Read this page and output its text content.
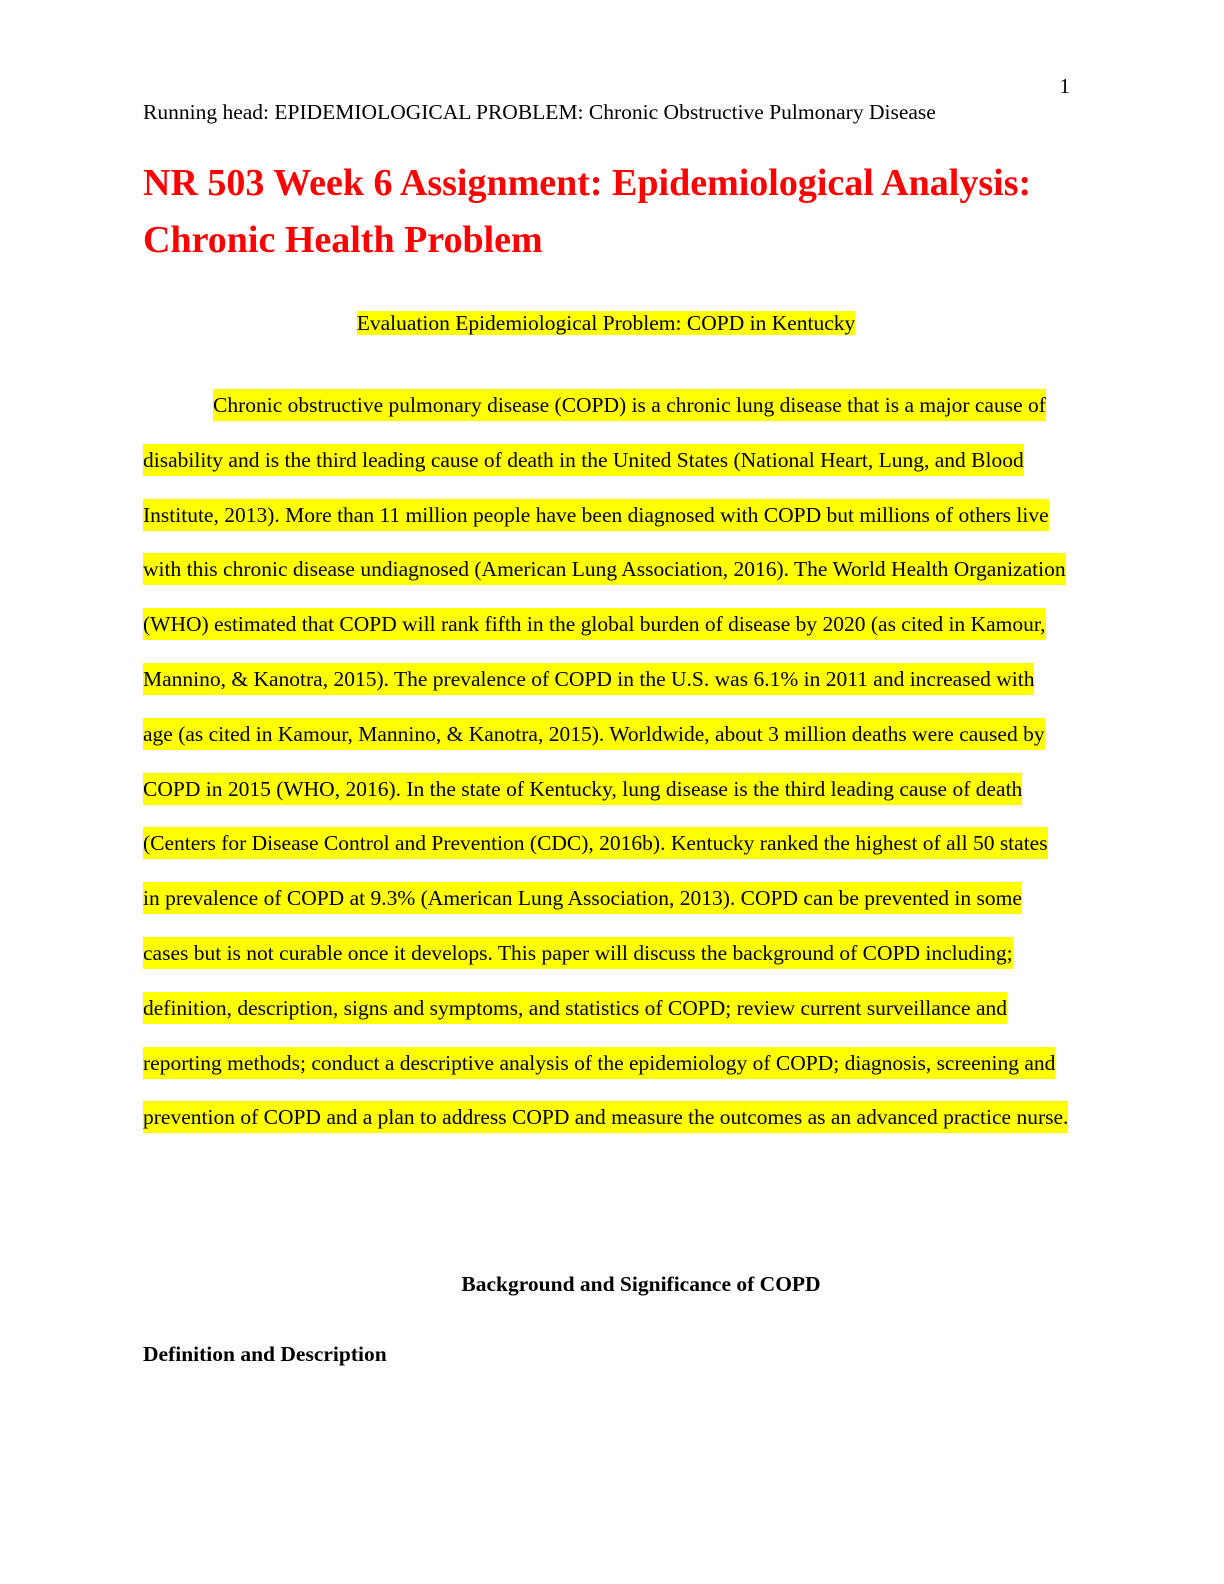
1
Running head: EPIDEMIOLOGICAL PROBLEM: Chronic Obstructive Pulmonary Disease
NR 503 Week 6 Assignment: Epidemiological Analysis: Chronic Health Problem
Evaluation Epidemiological Problem: COPD in Kentucky

Chronic obstructive pulmonary disease (COPD) is a chronic lung disease that is a major cause of disability and is the third leading cause of death in the United States (National Heart, Lung, and Blood Institute, 2013). More than 11 million people have been diagnosed with COPD but millions of others live with this chronic disease undiagnosed (American Lung Association, 2016). The World Health Organization (WHO) estimated that COPD will rank fifth in the global burden of disease by 2020 (as cited in Kamour, Mannino, & Kanotra, 2015). The prevalence of COPD in the U.S. was 6.1% in 2011 and increased with age (as cited in Kamour, Mannino, & Kanotra, 2015). Worldwide, about 3 million deaths were caused by COPD in 2015 (WHO, 2016). In the state of Kentucky, lung disease is the third leading cause of death (Centers for Disease Control and Prevention (CDC), 2016b). Kentucky ranked the highest of all 50 states in prevalence of COPD at 9.3% (American Lung Association, 2013). COPD can be prevented in some cases but is not curable once it develops. This paper will discuss the background of COPD including; definition, description, signs and symptoms, and statistics of COPD; review current surveillance and reporting methods; conduct a descriptive analysis of the epidemiology of COPD; diagnosis, screening and prevention of COPD and a plan to address COPD and measure the outcomes as an advanced practice nurse.

Background and Significance of COPD
Definition and Description
